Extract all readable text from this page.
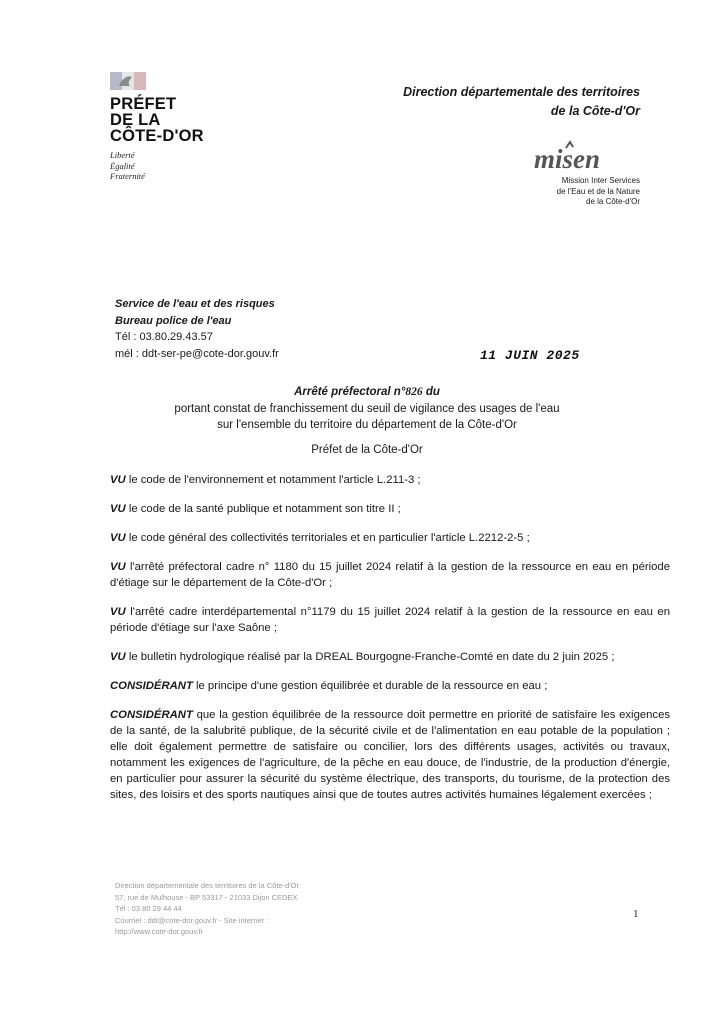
PRÉFET
DE LA
CÔTE-D'OR
Liberté
Égalité
Fraternité
Direction départementale des territoires
de la Côte-d'Or
misen
Mission Inter Services
de l'Eau et de la Nature
de la Côte-d'Or
Service de l'eau et des risques
Bureau police de l'eau
Tél : 03.80.29.43.57
mél : ddt-ser-pe@cote-dor.gouv.fr	11 JUIN 2025
Arrêté préfectoral n°826 du
portant constat de franchissement du seuil de vigilance des usages de l'eau
sur l'ensemble du territoire du département de la Côte-d'Or
Préfet de la Côte-d'Or

VU le code de l'environnement et notamment l'article L.211-3 ;

VU le code de la santé publique et notamment son titre II ;

VU le code général des collectivités territoriales et en particulier l'article L.2212-2-5 ;

VU l'arrêté préfectoral cadre n° 1180 du 15 juillet 2024 relatif à la gestion de la ressource en eau en période d'étiage sur le département de la Côte-d'Or ;

VU l'arrêté cadre interdépartemental n°1179 du 15 juillet 2024 relatif à la gestion de la ressource en eau en période d'étiage sur l'axe Saône ;

VU le bulletin hydrologique réalisé par la DREAL Bourgogne-Franche-Comté en date du 2 juin 2025 ;

CONSIDÉRANT le principe d'une gestion équilibrée et durable de la ressource en eau ;

CONSIDÉRANT que la gestion équilibrée de la ressource doit permettre en priorité de satisfaire les exigences de la santé, de la salubrité publique, de la sécurité civile et de l'alimentation en eau potable de la population ; elle doit également permettre de satisfaire ou concilier, lors des différents usages, activités ou travaux, notamment les exigences de l'agriculture, de la pêche en eau douce, de l'industrie, de la production d'énergie, en particulier pour assurer la sécurité du système électrique, des transports, du tourisme, de la protection des sites, des loisirs et des sports nautiques ainsi que de toutes autres activités humaines légalement exercées ;

Direction départementale des territoires de la Côte-d'Or
57, rue de Mulhouse - BP 53317 - 21033 Dijon CEDEX
Tél : 03 80 29 44 44
Courriel : ddt@cote-dor.gouv.fr - Site internet :
http://www.cote-dor.gouv.fr
1
